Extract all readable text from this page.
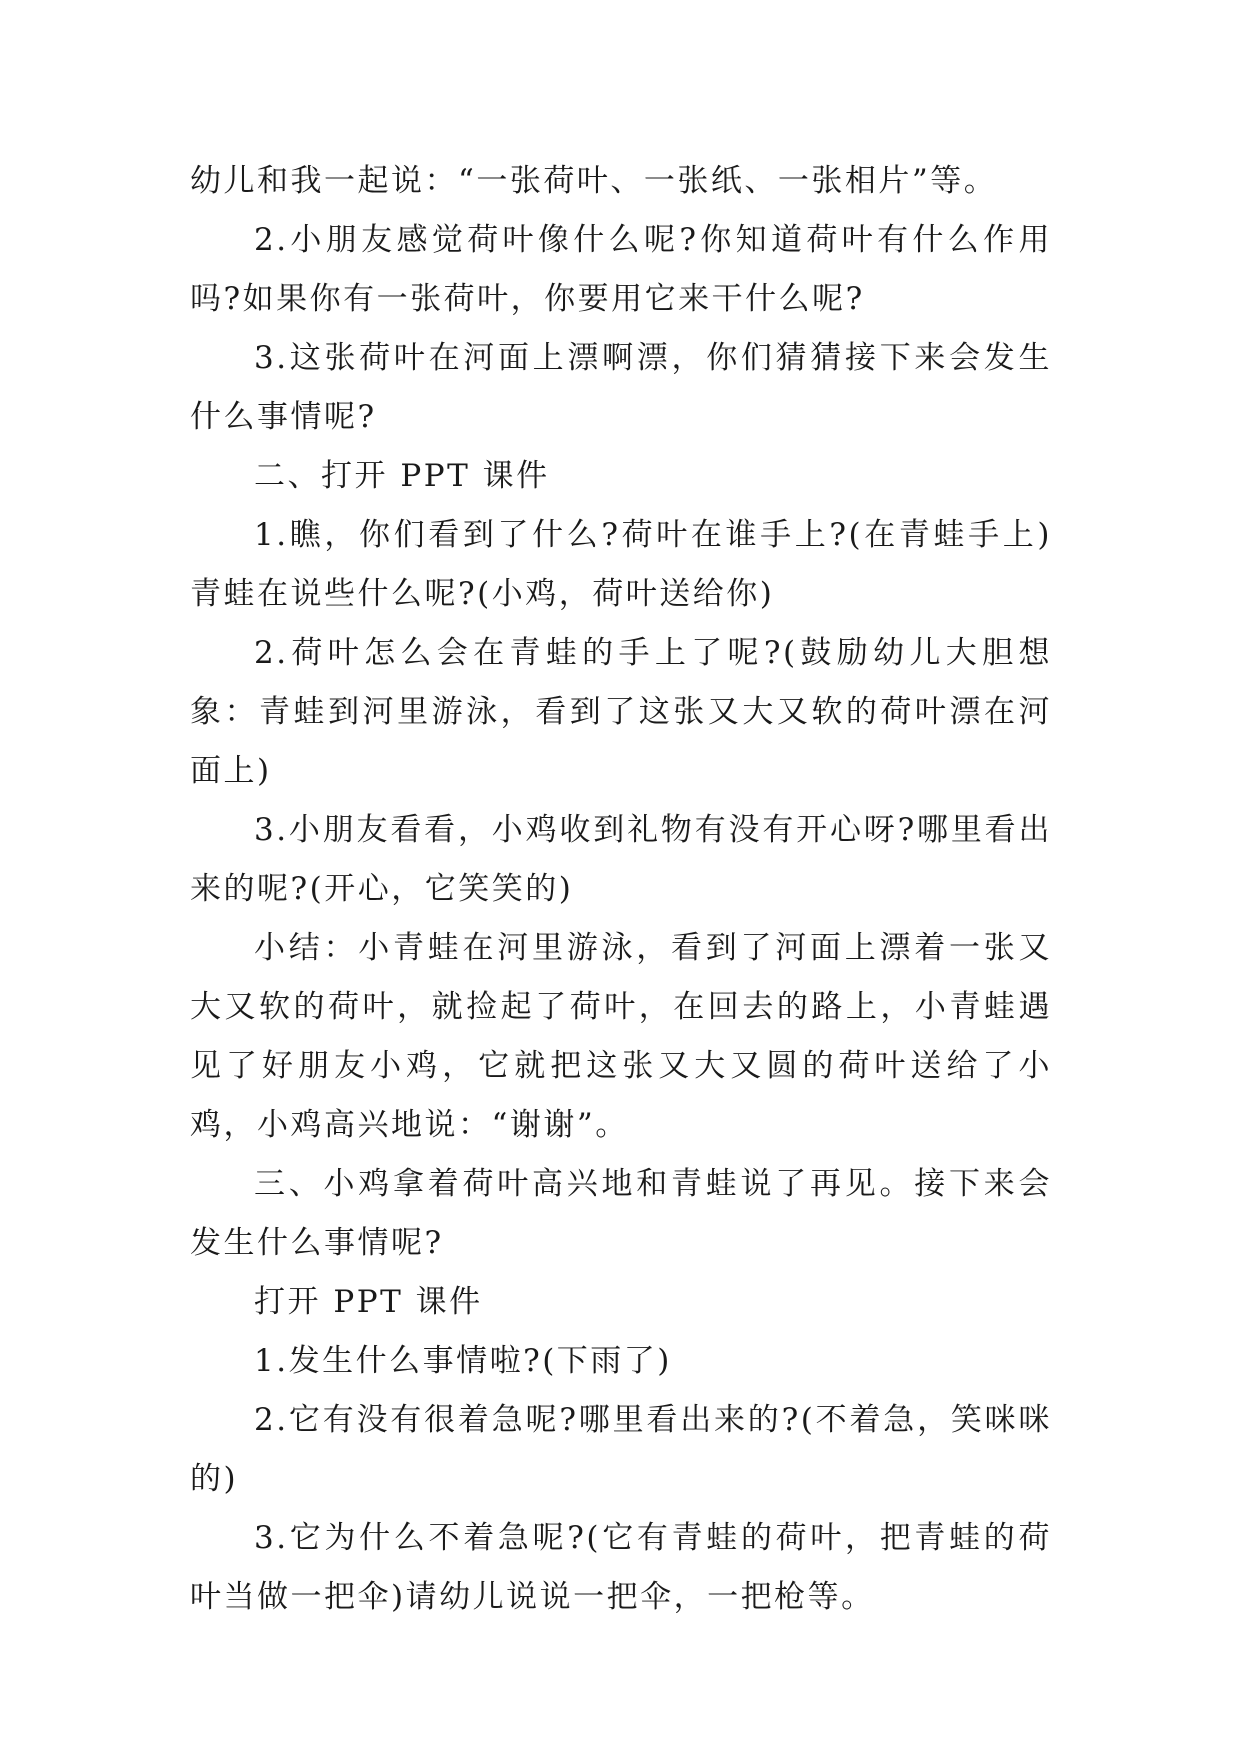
幼儿和我一起说：“一张荷叶、一张纸、一张相片”等。

2.小朋友感觉荷叶像什么呢?你知道荷叶有什么作用吗?如果你有一张荷叶，你要用它来干什么呢?

3.这张荷叶在河面上漂啊漂，你们猜猜接下来会发生什么事情呢?

二、打开 PPT 课件

1.瞧，你们看到了什么?荷叶在谁手上?(在青蛙手上)青蛙在说些什么呢?(小鸡，荷叶送给你)

2.荷叶怎么会在青蛙的手上了呢?(鼓励幼儿大胆想象：青蛙到河里游泳，看到了这张又大又软的荷叶漂在河面上)

3.小朋友看看，小鸡收到礼物有没有开心呀?哪里看出来的呢?(开心，它笑笑的)

小结：小青蛙在河里游泳，看到了河面上漂着一张又大又软的荷叶，就捡起了荷叶，在回去的路上，小青蛙遇见了好朋友小鸡，它就把这张又大又圆的荷叶送给了小鸡，小鸡高兴地说：“谢谢”。

三、小鸡拿着荷叶高兴地和青蛙说了再见。接下来会发生什么事情呢?

打开 PPT 课件

1.发生什么事情啦?(下雨了)

2.它有没有很着急呢?哪里看出来的?(不着急，笑咪咪的)

3.它为什么不着急呢?(它有青蛙的荷叶，把青蛙的荷叶当做一把伞)请幼儿说说一把伞，一把枪等。
